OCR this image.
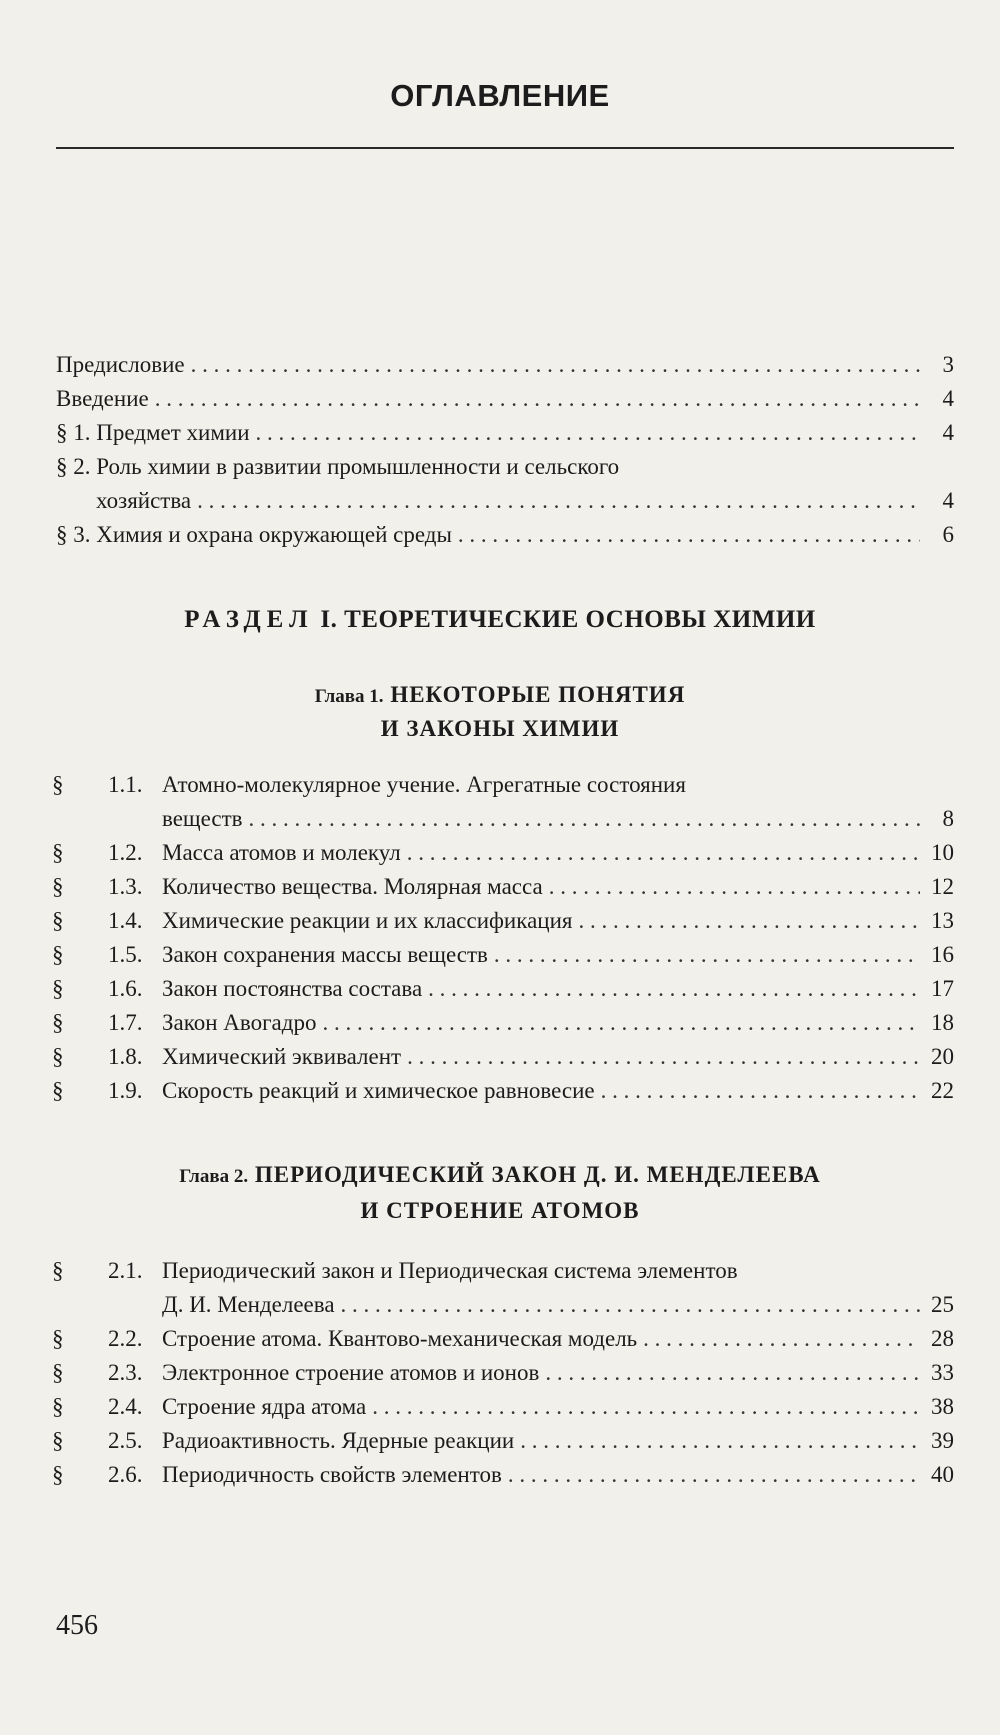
ОГЛАВЛЕНИЕ
Предисловие . . .	3
Введение . . .	4
§ 1. Предмет химии . . .	4
§ 2. Роль химии в развитии промышленности и сельского
хозяйства . . .	4
§ 3. Химия и охрана окружающей среды . . .	6
РАЗДЕЛ I. ТЕОРЕТИЧЕСКИЕ ОСНОВЫ ХИМИИ
Глава 1. НЕКОТОРЫЕ ПОНЯТИЯ
И ЗАКОНЫ ХИМИИ
§ 1.1. Атомно-молекулярное учение. Агрегатные состояния
веществ . . .	8
§ 1.2. Масса атомов и молекул . . .	10
§ 1.3. Количество вещества. Молярная масса . . .	12
§ 1.4. Химические реакции и их классификация . . .	13
§ 1.5. Закон сохранения массы веществ . . .	16
§ 1.6. Закон постоянства состава . . .	17
§ 1.7. Закон Авогадро . . .	18
§ 1.8. Химический эквивалент . . .	20
§ 1.9. Скорость реакций и химическое равновесие . . .	22
Глава 2. ПЕРИОДИЧЕСКИЙ ЗАКОН Д. И. МЕНДЕЛЕЕВА
И СТРОЕНИЕ АТОМОВ
§ 2.1. Периодический закон и Периодическая система элементов
Д. И. Менделеева . . .	25
§ 2.2. Строение атома. Квантово-механическая модель . . .	28
§ 2.3. Электронное строение атомов и ионов . . .	33
§ 2.4. Строение ядра атома . . .	38
§ 2.5. Радиоактивность. Ядерные реакции . . .	39
§ 2.6. Периодичность свойств элементов . . .	40
456
